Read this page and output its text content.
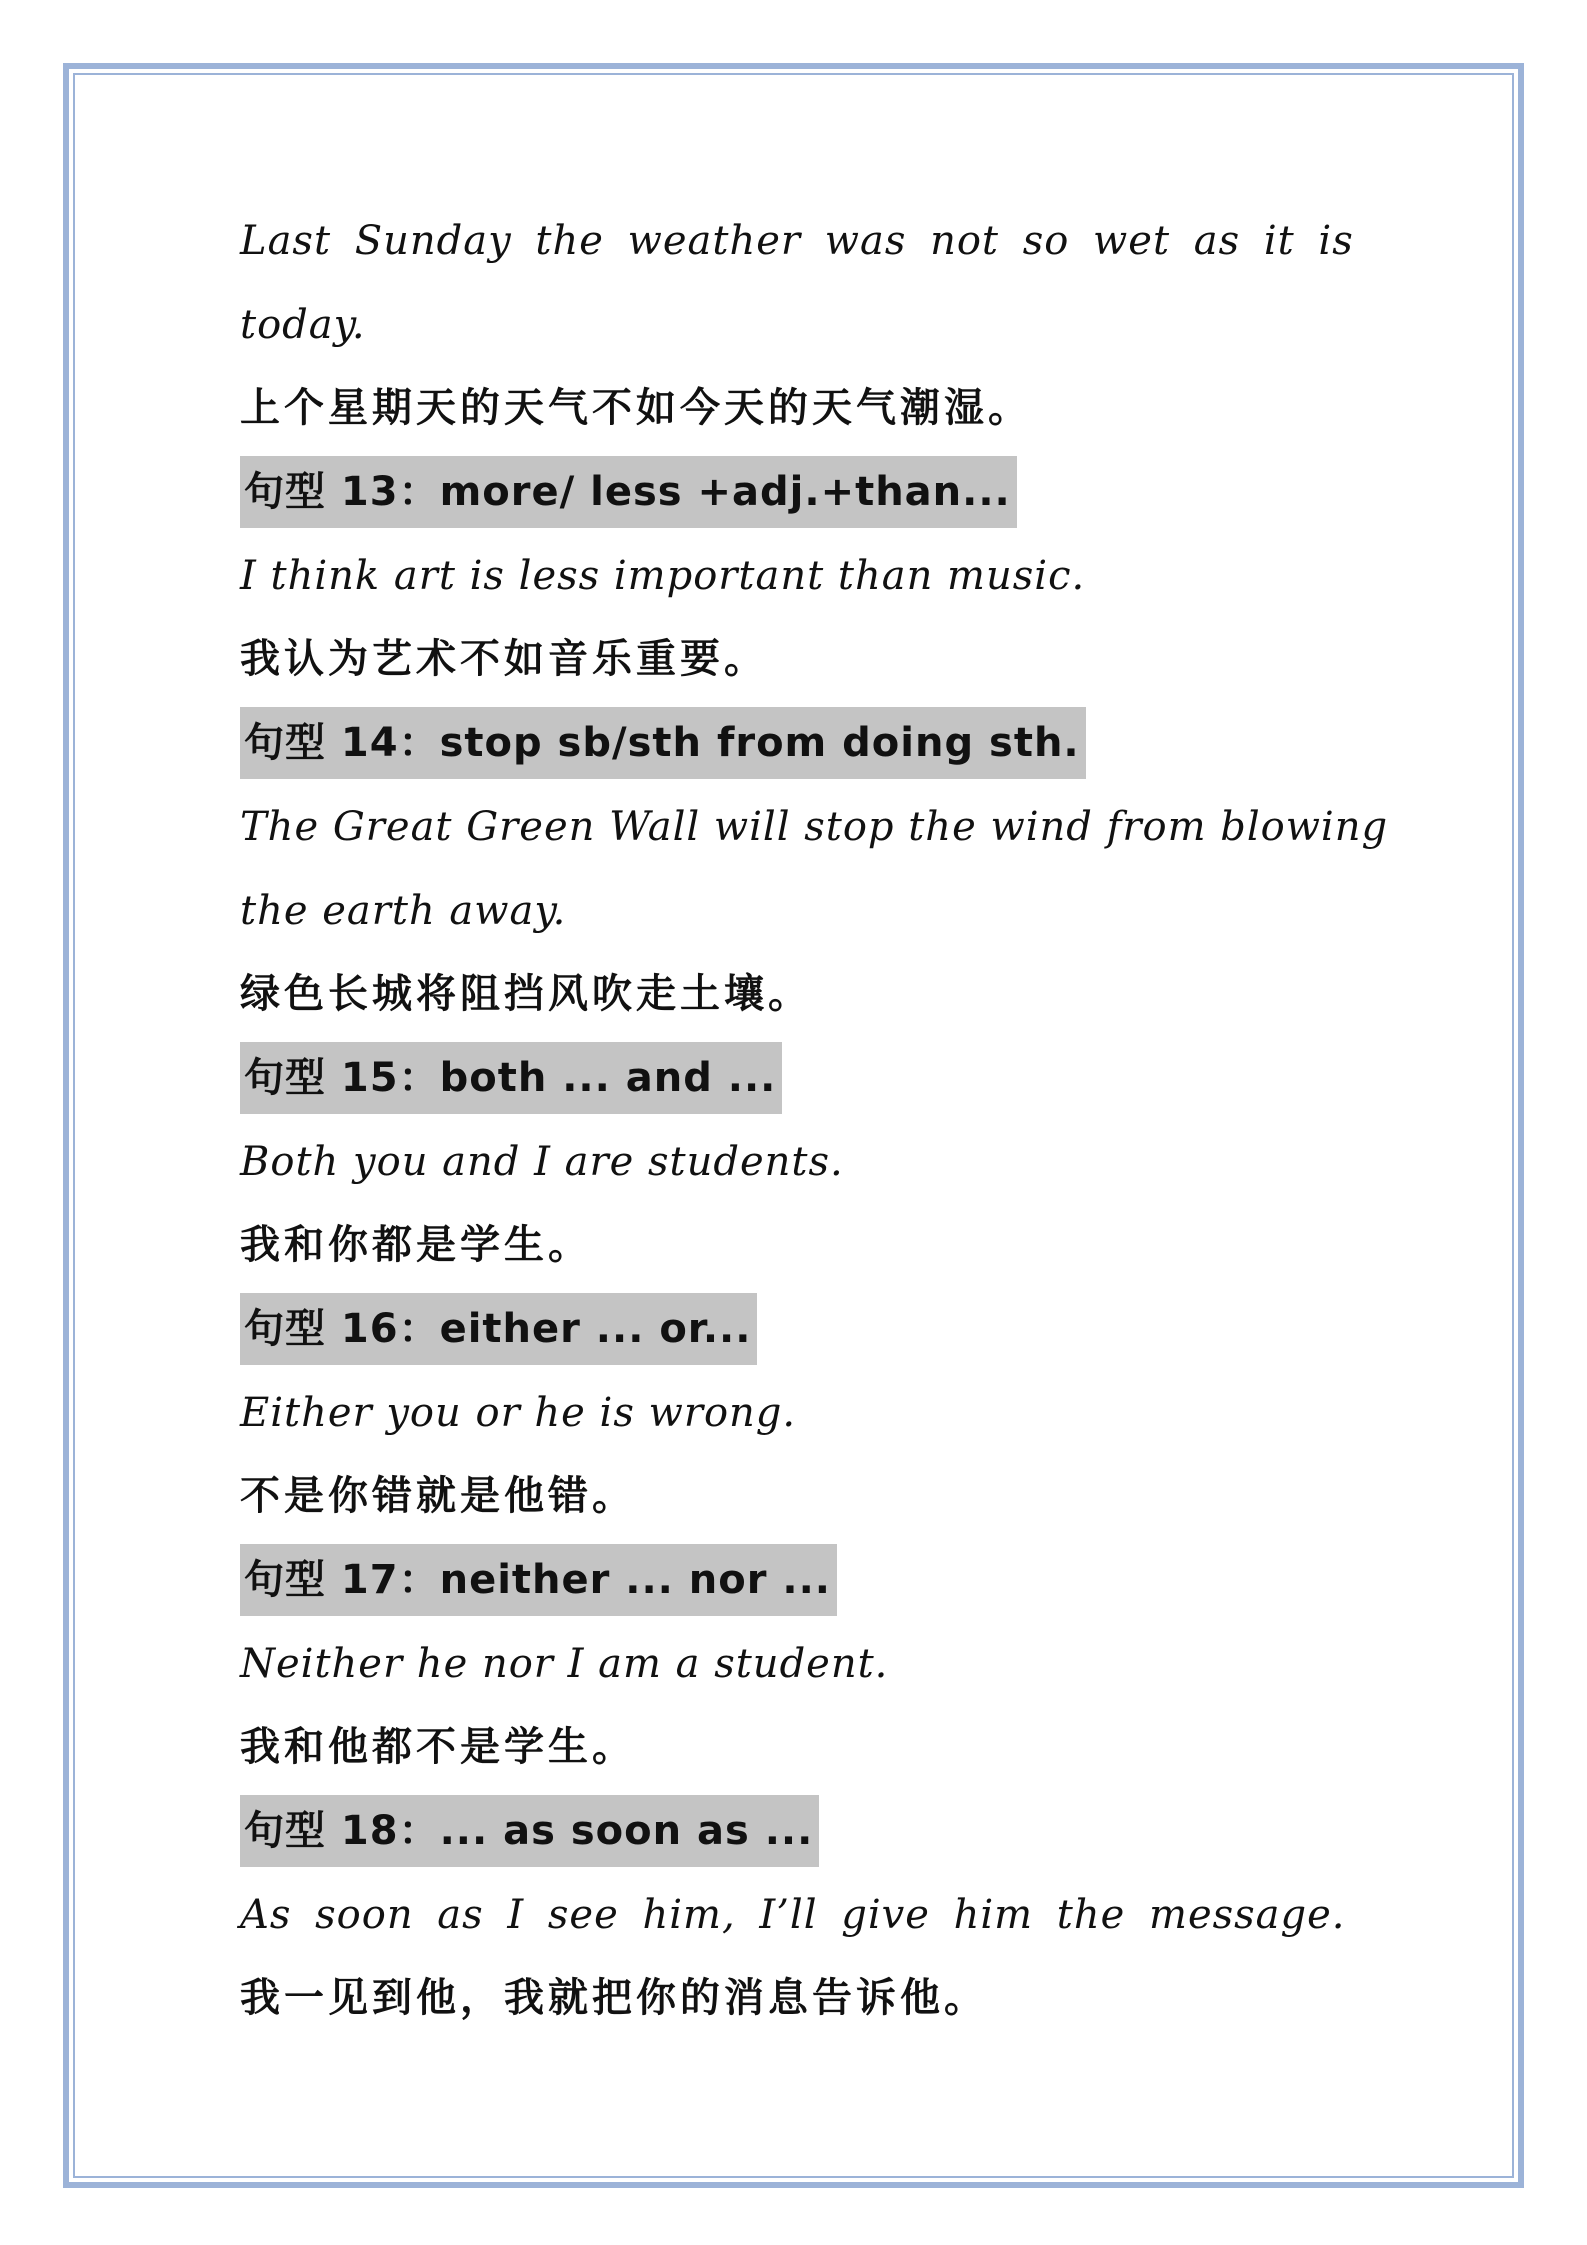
Last Sunday the weather was not so wet as it is
today.
上个星期天的天气不如今天的天气潮湿。
句型 13：more/ less +adj.+than...
I think art is less important than music.
我认为艺术不如音乐重要。
句型 14：stop sb/sth from doing sth.
The Great Green Wall will stop the wind from blowing
the earth away.
绿色长城将阻挡风吹走土壤。
句型 15：both ... and ...
Both you and I are students.
我和你都是学生。
句型 16：either ... or...
Either you or he is wrong.
不是你错就是他错。
句型 17：neither ... nor ...
Neither he nor I am a student.
我和他都不是学生。
句型 18：... as soon as ...
As soon as I see him, I’ll give him the message.
我一见到他，我就把你的消息告诉他。
